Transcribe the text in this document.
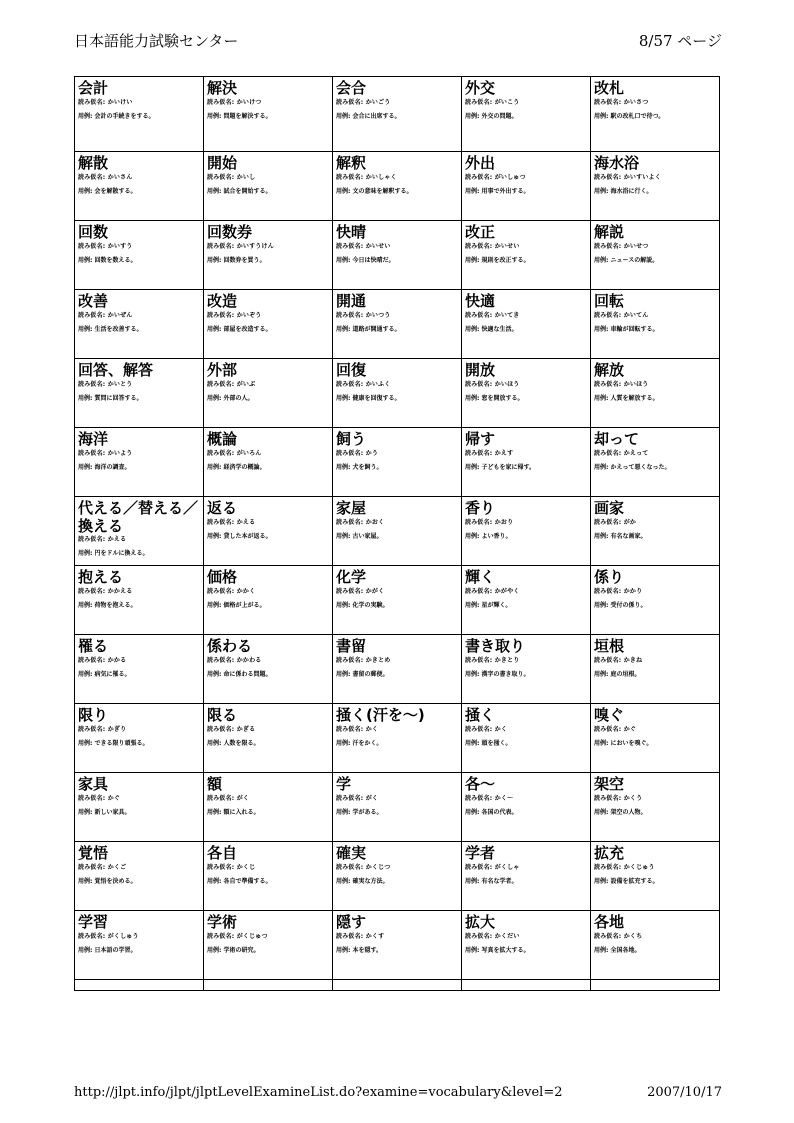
日本語能力試験センター	8/57 ページ
会計
読み仮名: かいけい
用例: 会計の手続きをする。
解決
読み仮名: かいけつ
用例: 問題を解決する。
会合
読み仮名: かいごう
用例: 会合に出席する。
外交
読み仮名: がいこう
用例: 外交の問題。
改札
読み仮名: かいさつ
用例: 駅の改札口で待つ。
解散
読み仮名: かいさん
用例: 会を解散する。
開始
読み仮名: かいし
用例: 試合を開始する。
解釈
読み仮名: かいしゃく
用例: 文の意味を解釈する。
外出
読み仮名: がいしゅつ
用例: 用事で外出する。
海水浴
読み仮名: かいすいよく
用例: 海水浴に行く。
回数
読み仮名: かいすう
用例: 回数を数える。
回数券
読み仮名: かいすうけん
用例: 回数券を買う。
快晴
読み仮名: かいせい
用例: 今日は快晴だ。
改正
読み仮名: かいせい
用例: 規則を改正する。
解説
読み仮名: かいせつ
用例: ニュースの解説。
改善
読み仮名: かいぜん
用例: 生活を改善する。
改造
読み仮名: かいぞう
用例: 部屋を改造する。
開通
読み仮名: かいつう
用例: 道路が開通する。
快適
読み仮名: かいてき
用例: 快適な生活。
回転
読み仮名: かいてん
用例: 車輪が回転する。
回答、解答
読み仮名: かいとう
用例: 質問に回答する。
外部
読み仮名: がいぶ
用例: 外部の人。
回復
読み仮名: かいふく
用例: 健康を回復する。
開放
読み仮名: かいほう
用例: 窓を開放する。
解放
読み仮名: かいほう
用例: 人質を解放する。
海洋
読み仮名: かいよう
用例: 海洋の調査。
概論
読み仮名: がいろん
用例: 経済学の概論。
飼う
読み仮名: かう
用例: 犬を飼う。
帰す
読み仮名: かえす
用例: 子どもを家に帰す。
却って
読み仮名: かえって
用例: かえって悪くなった。
代える／替える／換える
読み仮名: かえる
用例: 円をドルに換える。
返る
読み仮名: かえる
用例: 貸した本が返る。
家屋
読み仮名: かおく
用例: 古い家屋。
香り
読み仮名: かおり
用例: よい香り。
画家
読み仮名: がか
用例: 有名な画家。
抱える
読み仮名: かかえる
用例: 荷物を抱える。
価格
読み仮名: かかく
用例: 価格が上がる。
化学
読み仮名: かがく
用例: 化学の実験。
輝く
読み仮名: かがやく
用例: 星が輝く。
係り
読み仮名: かかり
用例: 受付の係り。
罹る
読み仮名: かかる
用例: 病気に罹る。
係わる
読み仮名: かかわる
用例: 命に係わる問題。
書留
読み仮名: かきとめ
用例: 書留の郵便。
書き取り
読み仮名: かきとり
用例: 漢字の書き取り。
垣根
読み仮名: かきね
用例: 庭の垣根。
限り
読み仮名: かぎり
用例: できる限り頑張る。
限る
読み仮名: かぎる
用例: 人数を限る。
掻く(汗を～)
読み仮名: かく
用例: 汗をかく。
掻く
読み仮名: かく
用例: 頭を掻く。
嗅ぐ
読み仮名: かぐ
用例: においを嗅ぐ。
家具
読み仮名: かぐ
用例: 新しい家具。
額
読み仮名: がく
用例: 額に入れる。
学
読み仮名: がく
用例: 学がある。
各～
読み仮名: かく～
用例: 各国の代表。
架空
読み仮名: かくう
用例: 架空の人物。
覚悟
読み仮名: かくご
用例: 覚悟を決める。
各自
読み仮名: かくじ
用例: 各自で準備する。
確実
読み仮名: かくじつ
用例: 確実な方法。
学者
読み仮名: がくしゃ
用例: 有名な学者。
拡充
読み仮名: かくじゅう
用例: 設備を拡充する。
学習
読み仮名: がくしゅう
用例: 日本語の学習。
学術
読み仮名: がくじゅつ
用例: 学術の研究。
隠す
読み仮名: かくす
用例: 本を隠す。
拡大
読み仮名: かくだい
用例: 写真を拡大する。
各地
読み仮名: かくち
用例: 全国各地。
http://jlpt.info/jlpt/jlptLevelExamineList.do?examine=vocabulary&level=2	2007/10/17
